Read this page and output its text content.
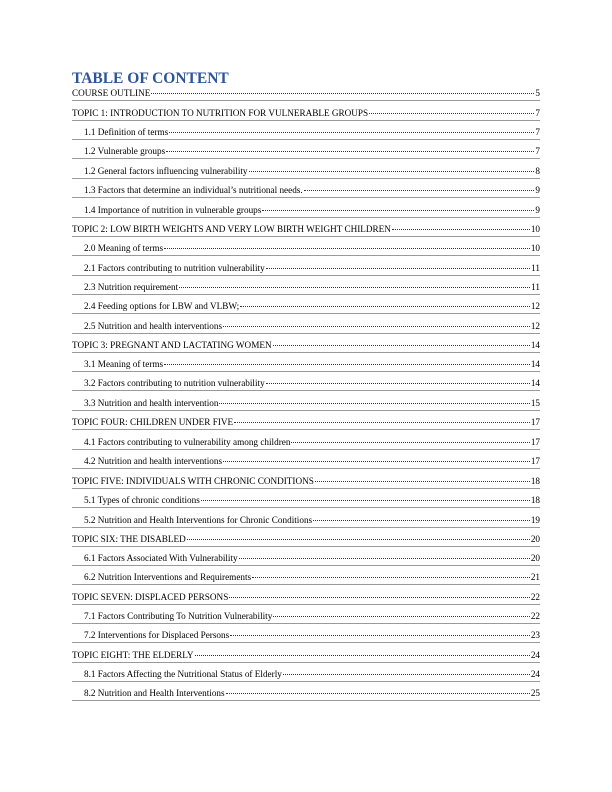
TABLE OF CONTENT
COURSE OUTLINE	5
TOPIC 1: INTRODUCTION TO NUTRITION FOR VULNERABLE GROUPS	7
1.1 Definition of terms	7
1.2 Vulnerable groups	7
1.2 General factors influencing vulnerability	8
1.3 Factors that determine an individual’s nutritional needs.	9
1.4 Importance of nutrition in vulnerable groups	9
TOPIC 2: LOW BIRTH WEIGHTS AND VERY LOW BIRTH WEIGHT CHILDREN	10
2.0 Meaning of terms	10
2.1 Factors contributing to nutrition vulnerability	11
2.3 Nutrition requirement	11
2.4 Feeding options for LBW and VLBW;	12
2.5 Nutrition and health interventions	12
TOPIC 3: PREGNANT AND LACTATING WOMEN	14
3.1 Meaning of terms	14
3.2 Factors contributing to nutrition vulnerability	14
3.3 Nutrition and health intervention	15
TOPIC FOUR: CHILDREN UNDER FIVE	17
4.1 Factors contributing to vulnerability among children	17
4.2 Nutrition and health interventions	17
TOPIC FIVE: INDIVIDUALS WITH CHRONIC CONDITIONS	18
5.1 Types of chronic conditions	18
5.2 Nutrition and Health Interventions for Chronic Conditions	19
TOPIC SIX: THE DISABLED	20
6.1 Factors Associated With Vulnerability	20
6.2 Nutrition Interventions and Requirements	21
TOPIC SEVEN: DISPLACED PERSONS	22
7.1 Factors Contributing To Nutrition Vulnerability	22
7.2 Interventions for Displaced Persons	23
TOPIC EIGHT: THE ELDERLY	24
8.1 Factors Affecting the Nutritional Status of Elderly	24
8.2 Nutrition and Health Interventions	25
